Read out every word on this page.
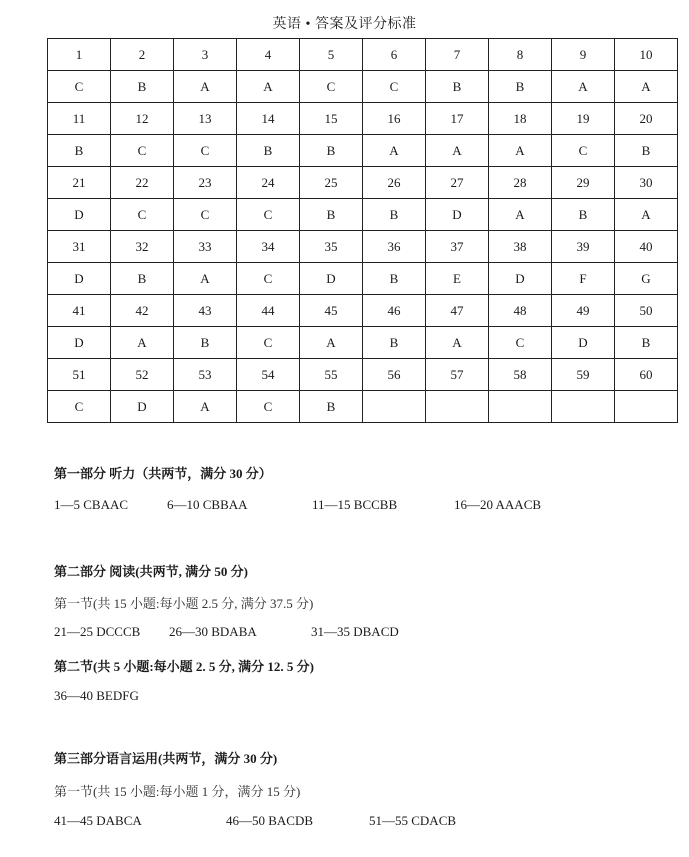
英语 • 答案及评分标准
1	2	3	4	5	6	7	8	9	10
C	B	A	A	C	C	B	B	A	A
11	12	13	14	15	16	17	18	19	20
B	C	C	B	B	A	A	A	C	B
21	22	23	24	25	26	27	28	29	30
D	C	C	C	B	B	D	A	B	A
31	32	33	34	35	36	37	38	39	40
D	B	A	C	D	B	E	D	F	G
41	42	43	44	45	46	47	48	49	50
D	A	B	C	A	B	A	C	D	B
51	52	53	54	55	56	57	58	59	60
C	D	A	C	B					
第一部分 听力（共两节，满分 30 分）
1—5 CBAAC	6—10 CBBAA	11—15 BCCBB	16—20 AAACB
第二部分 阅读(共两节, 满分 50 分)
第一节(共 15 小题:每小题 2.5 分, 满分 37.5 分)
21—25 DCCCB 26—30 BDABA	31—35 DBACD
第二节(共 5 小题:每小题 2. 5 分, 满分 12. 5 分)
36—40 BEDFG
第三部分语言运用(共两节，满分 30 分)
第一节(共 15 小题:每小题 1 分，满分 15 分)
41—45 DABCA	46—50 BACDB	51—55 CDACB
